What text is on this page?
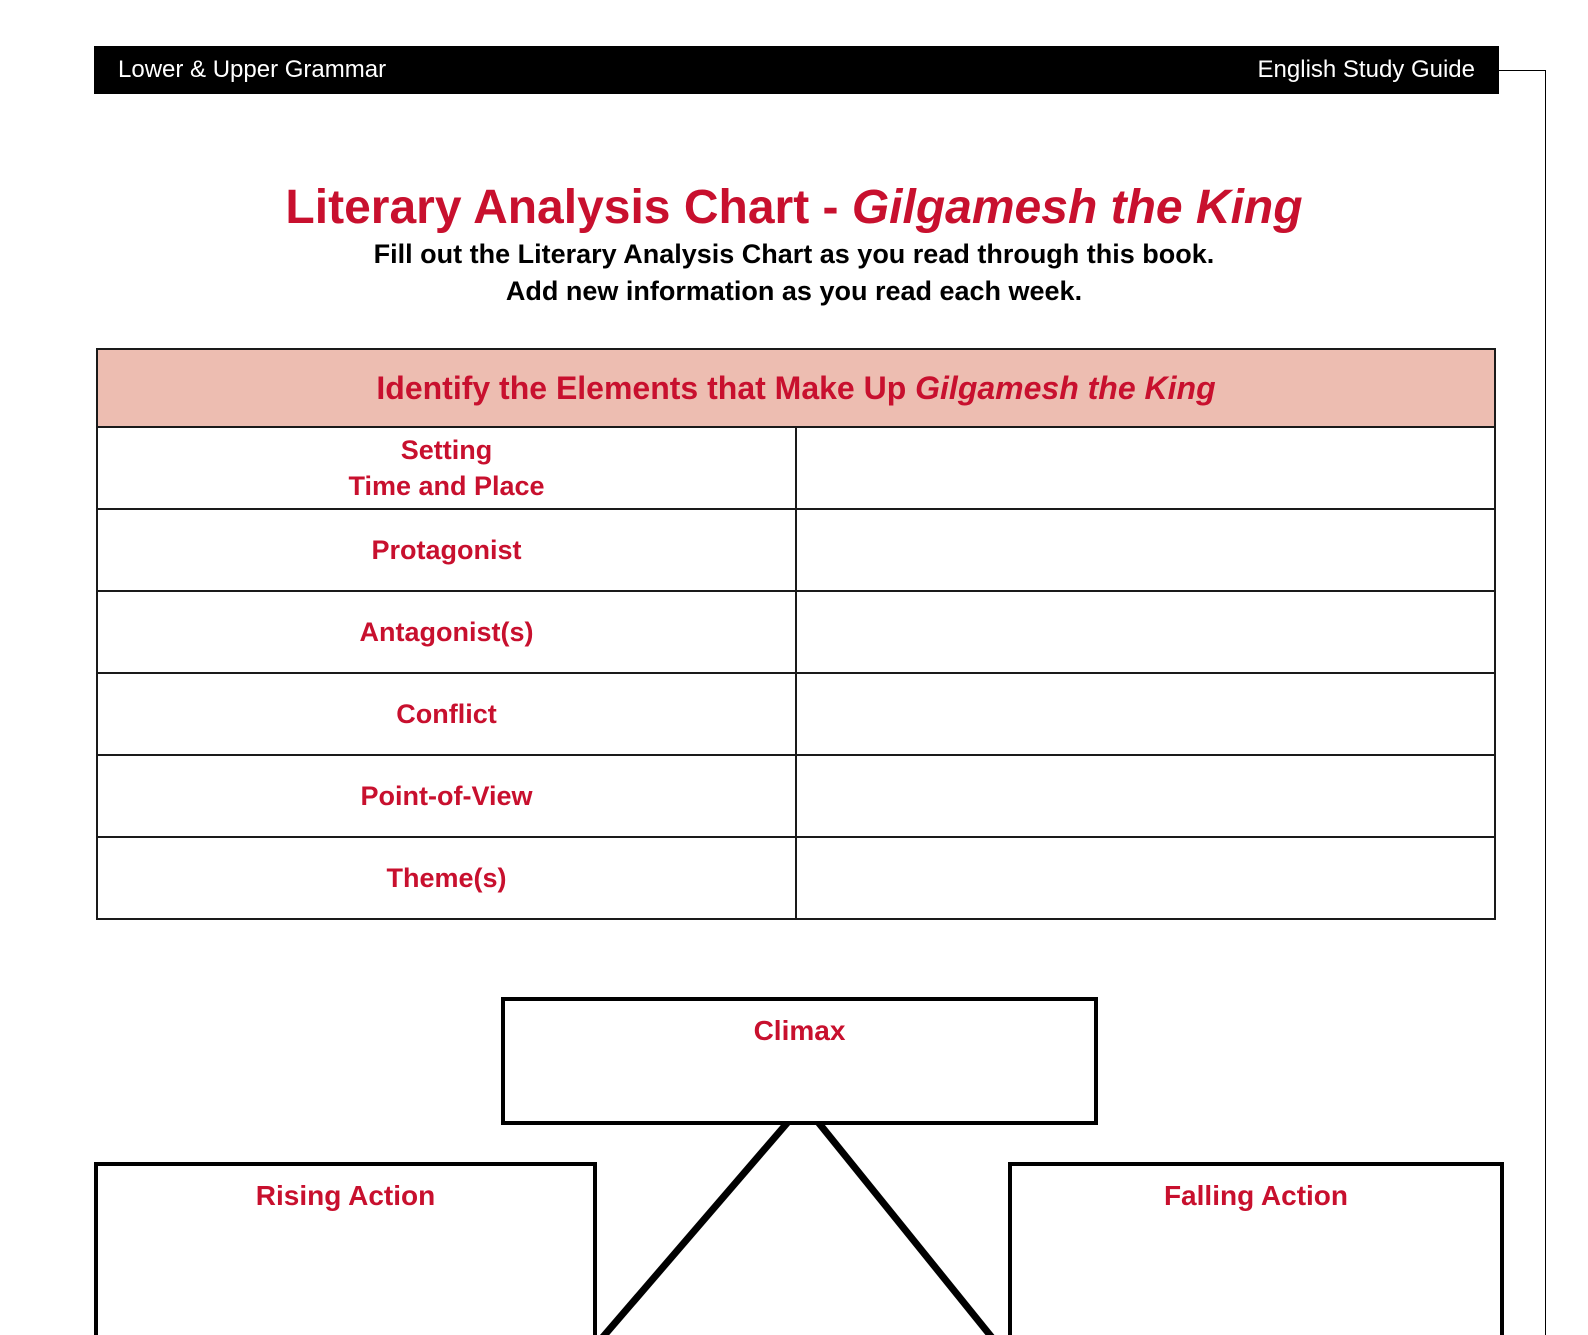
Lower & Upper Grammar	English Study Guide
Literary Analysis Chart - Gilgamesh the King
Fill out the Literary Analysis Chart as you read through this book.
Add new information as you read each week.
Identify the Elements that Make Up Gilgamesh the King	

Setting
Time and Place	

Protagonist	
Antagonist(s)	
Conflict	
Point-of-View	
Theme(s)	
Climax
Rising Action	Falling Action
